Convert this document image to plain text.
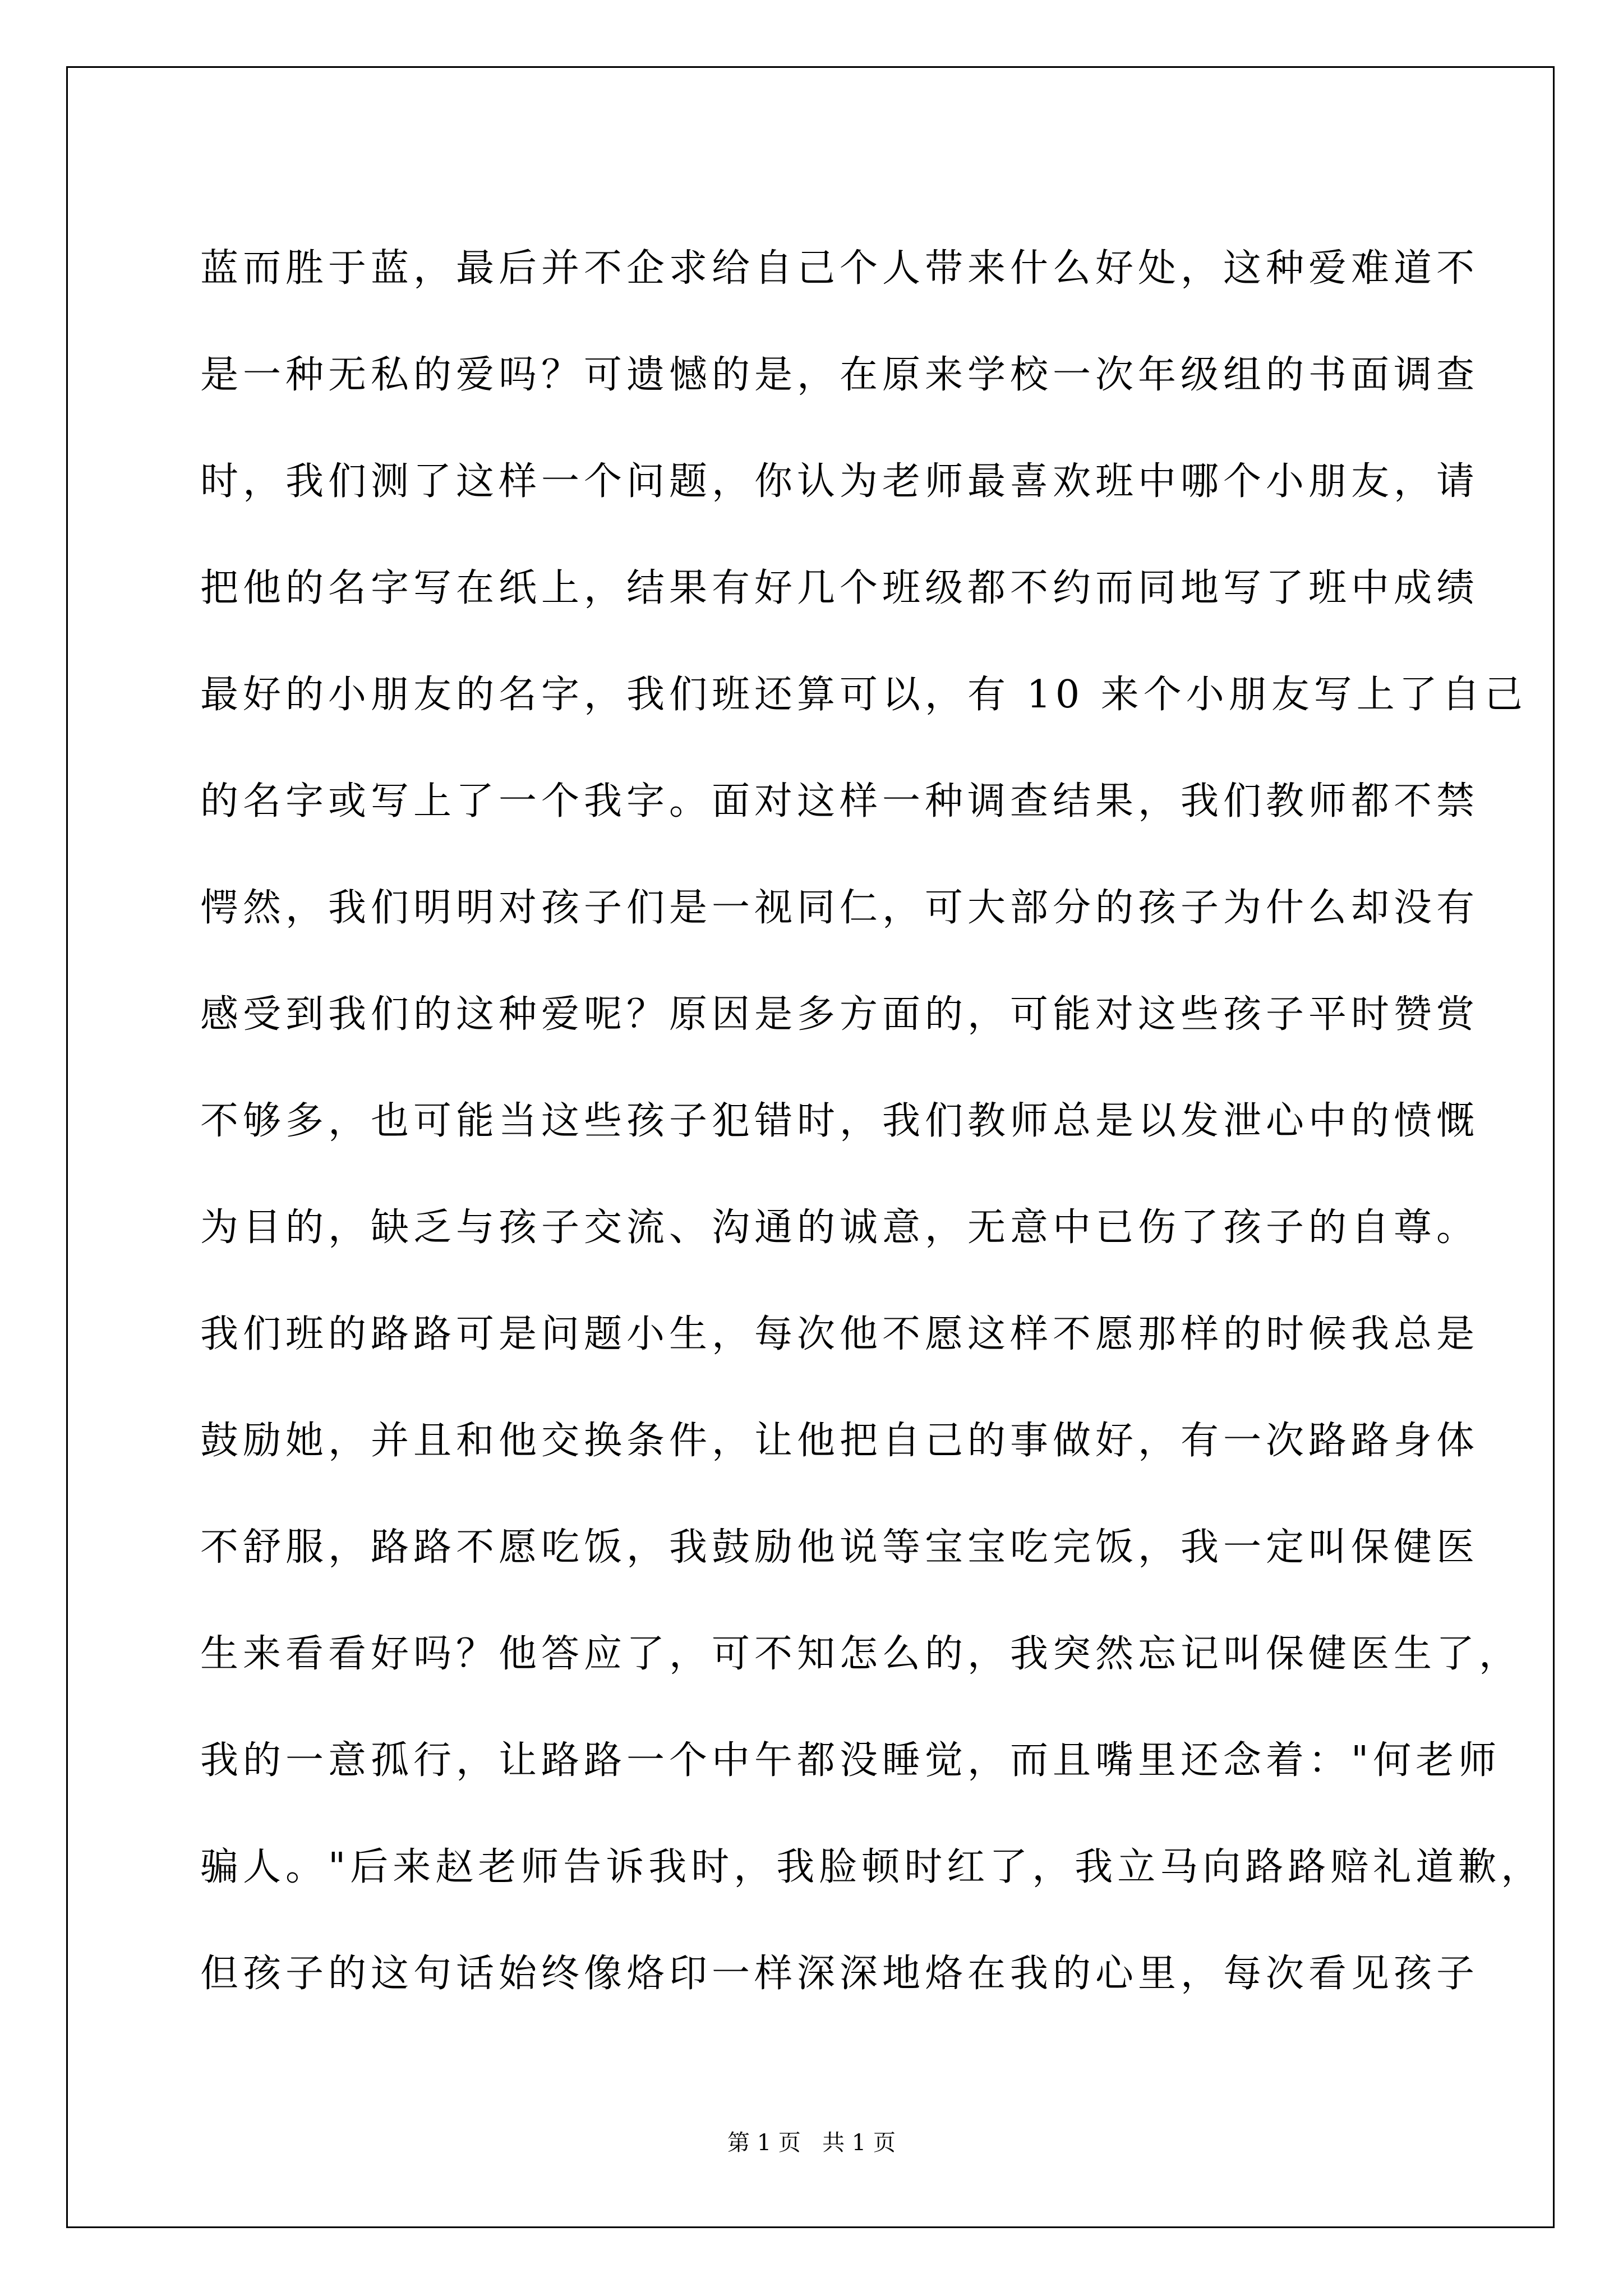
蓝而胜于蓝，最后并不企求给自己个人带来什么好处，这种爱难道不
是一种无私的爱吗？可遗憾的是，在原来学校一次年级组的书面调查
时，我们测了这样一个问题，你认为老师最喜欢班中哪个小朋友，请
把他的名字写在纸上，结果有好几个班级都不约而同地写了班中成绩
最好的小朋友的名字，我们班还算可以，有 10 来个小朋友写上了自己
的名字或写上了一个我字。面对这样一种调查结果，我们教师都不禁
愕然，我们明明对孩子们是一视同仁，可大部分的孩子为什么却没有
感受到我们的这种爱呢？原因是多方面的，可能对这些孩子平时赞赏
不够多，也可能当这些孩子犯错时，我们教师总是以发泄心中的愤慨
为目的，缺乏与孩子交流、沟通的诚意，无意中已伤了孩子的自尊。
我们班的路路可是问题小生，每次他不愿这样不愿那样的时候我总是
鼓励她，并且和他交换条件，让他把自己的事做好，有一次路路身体
不舒服，路路不愿吃饭，我鼓励他说等宝宝吃完饭，我一定叫保健医
生来看看好吗？他答应了，可不知怎么的，我突然忘记叫保健医生了，
我的一意孤行，让路路一个中午都没睡觉，而且嘴里还念着："何老师
骗人。"后来赵老师告诉我时，我脸顿时红了，我立马向路路赔礼道歉，
但孩子的这句话始终像烙印一样深深地烙在我的心里，每次看见孩子
第 1 页   共 1 页
